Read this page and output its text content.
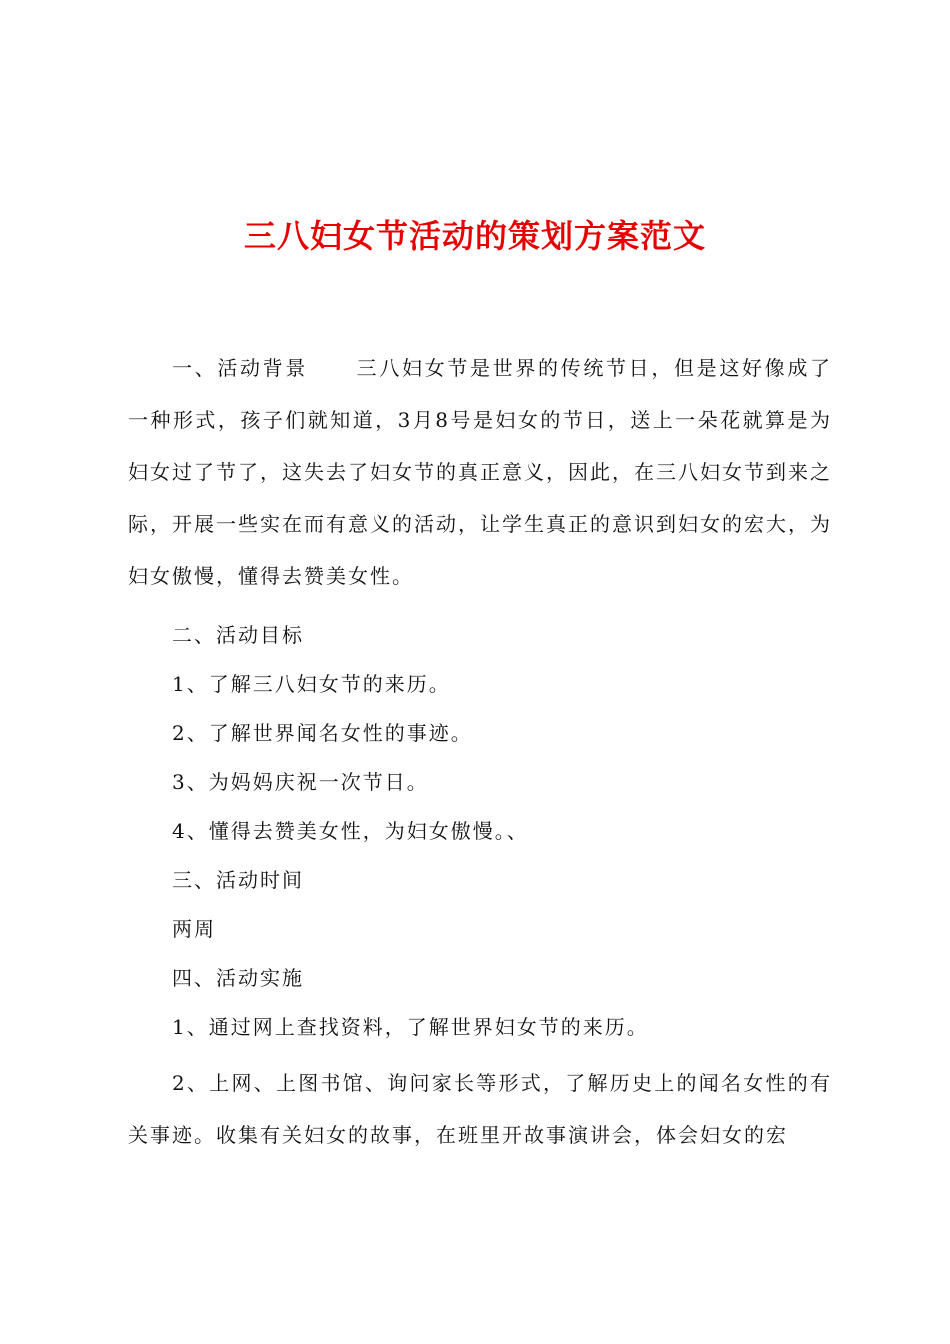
三八妇女节活动的策划方案范文

一、活动背景 三八妇女节是世界的传统节日，但是这好像成了一种形式，孩子们就知道，3月8号是妇女的节日，送上一朵花就算是为妇女过了节了，这失去了妇女节的真正意义，因此，在三八妇女节到来之际，开展一些实在而有意义的活动，让学生真正的意识到妇女的宏大，为妇女傲慢，懂得去赞美女性。

二、活动目标

1、了解三八妇女节的来历。

2、了解世界闻名女性的事迹。

3、为妈妈庆祝一次节日。

4、懂得去赞美女性，为妇女傲慢。、

三、活动时间

两周

四、活动实施

1、通过网上查找资料，了解世界妇女节的来历。

2、上网、上图书馆、询问家长等形式，了解历史上的闻名女性的有关事迹。收集有关妇女的故事，在班里开故事演讲会，体会妇女的宏
